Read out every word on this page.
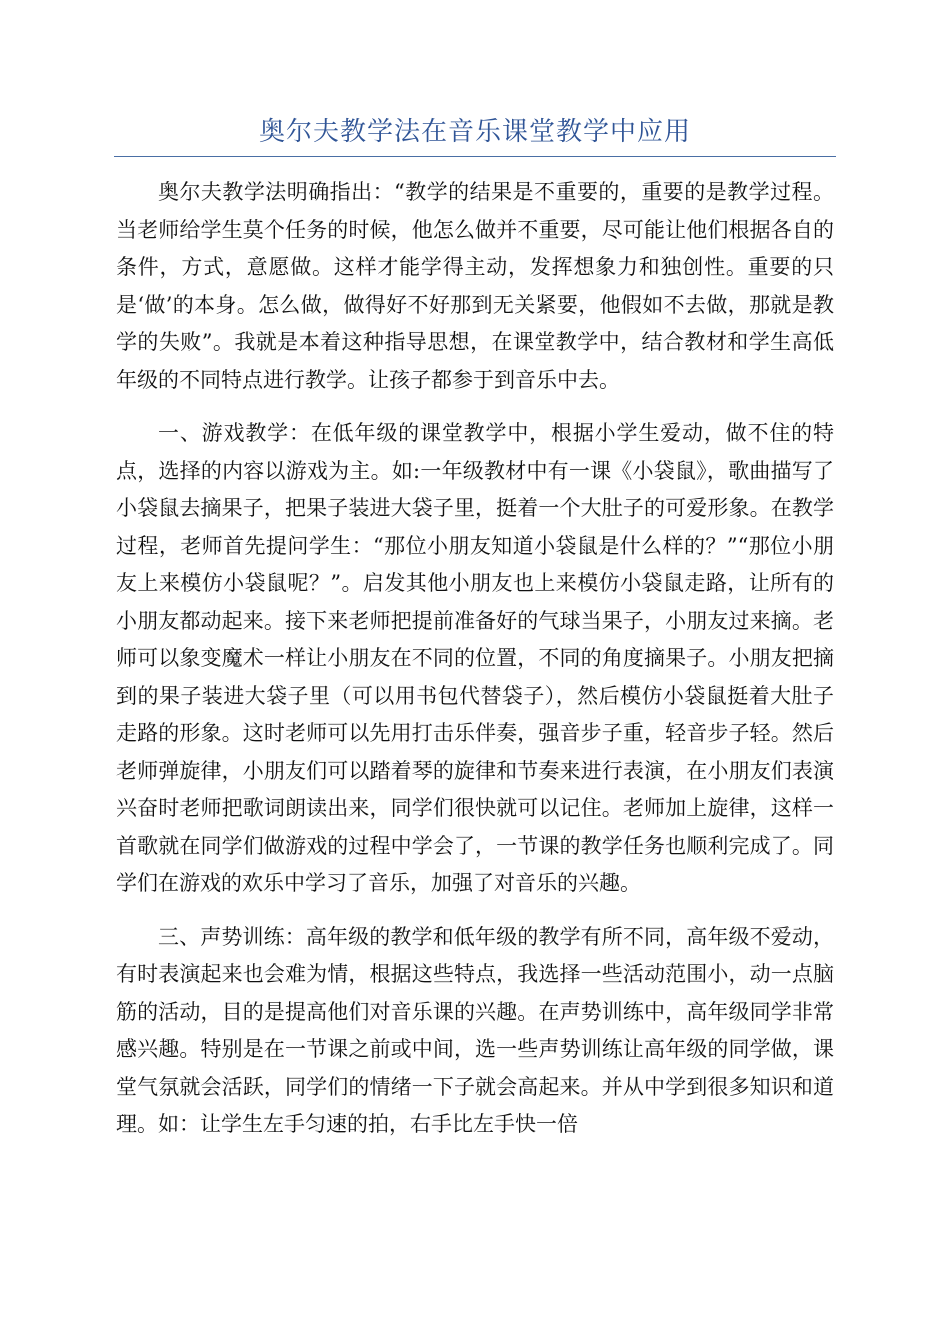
奥尔夫教学法在音乐课堂教学中应用

奥尔夫教学法明确指出：“教学的结果是不重要的，重要的是教学过程。当老师给学生莫个任务的时候，他怎么做并不重要，尽可能让他们根据各自的条件，方式，意愿做。这样才能学得主动，发挥想象力和独创性。重要的只是‘做’的本身。怎么做，做得好不好那到无关紧要，他假如不去做，那就是教学的失败”。我就是本着这种指导思想，在课堂教学中，结合教材和学生高低年级的不同特点进行教学。让孩子都参于到音乐中去。

一、游戏教学：在低年级的课堂教学中，根据小学生爱动，做不住的特点，选择的内容以游戏为主。如:一年级教材中有一课《小袋鼠》，歌曲描写了小袋鼠去摘果子，把果子装进大袋子里，挺着一个大肚子的可爱形象。在教学过程，老师首先提问学生：“那位小朋友知道小袋鼠是什么样的？”“那位小朋友上来模仿小袋鼠呢？”。启发其他小朋友也上来模仿小袋鼠走路，让所有的小朋友都动起来。接下来老师把提前准备好的气球当果子，小朋友过来摘。老师可以象变魔术一样让小朋友在不同的位置，不同的角度摘果子。小朋友把摘到的果子装进大袋子里（可以用书包代替袋子），然后模仿小袋鼠挺着大肚子走路的形象。这时老师可以先用打击乐伴奏，强音步子重，轻音步子轻。然后老师弹旋律，小朋友们可以踏着琴的旋律和节奏来进行表演，在小朋友们表演兴奋时老师把歌词朗读出来，同学们很快就可以记住。老师加上旋律，这样一首歌就在同学们做游戏的过程中学会了，一节课的教学任务也顺利完成了。同学们在游戏的欢乐中学习了音乐，加强了对音乐的兴趣。

三、声势训练：高年级的教学和低年级的教学有所不同，高年级不爱动，有时表演起来也会难为情，根据这些特点，我选择一些活动范围小，动一点脑筋的活动，目的是提高他们对音乐课的兴趣。在声势训练中，高年级同学非常感兴趣。特别是在一节课之前或中间，选一些声势训练让高年级的同学做，课堂气氛就会活跃，同学们的情绪一下子就会高起来。并从中学到很多知识和道理。如：让学生左手匀速的拍，右手比左手快一倍
